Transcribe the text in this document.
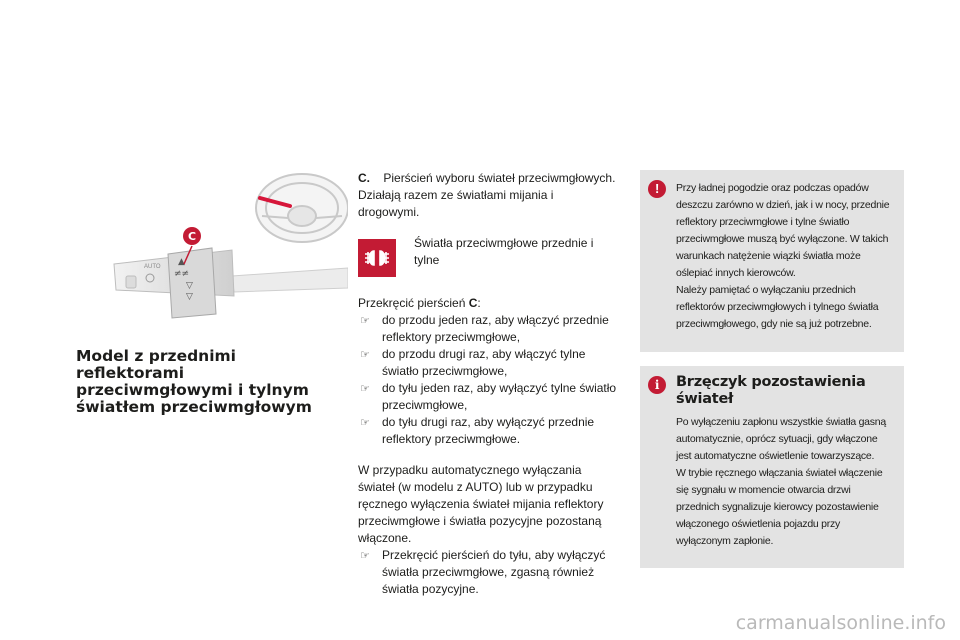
AUTO ▲
≠≠
▽
▽
C
Model z przednimi reflektorami przeciwmgłowymi i tylnym światłem przeciwmgłowym

C. Pierścień wyboru świateł przeciwmgłowych.

Działają razem ze światłami mijania i drogowymi.

Światła przeciwmgłowe przednie i tylne

Przekręcić pierścień C:

☞ do przodu jeden raz, aby włączyć przednie reflektory przeciwmgłowe,
☞ do przodu drugi raz, aby włączyć tylne światło przeciwmgłowe,
☞ do tyłu jeden raz, aby wyłączyć tylne światło przeciwmgłowe,
☞ do tyłu drugi raz, aby wyłączyć przednie reflektory przeciwmgłowe.

W przypadku automatycznego wyłączania świateł (w modelu z AUTO) lub w przypadku ręcznego wyłączenia świateł mijania reflektory przeciwmgłowe i światła pozycyjne pozostaną włączone.

☞ Przekręcić pierścień do tyłu, aby wyłączyć światła przeciwmgłowe, zgasną również światła pozycyjne.
!	Przy ładnej pogodzie oraz podczas opadów deszczu zarówno w dzień, jak i w nocy, przednie reflektory przeciwmgłowe i tylne światło przeciwmgłowe muszą być wyłączone. W takich warunkach natężenie wiązki światła może oślepiać innych kierowców.

Należy pamiętać o wyłączaniu przednich reflektorów przeciwmgłowych i tylnego światła przeciwmgłowego, gdy nie są już potrzebne.

i	Brzęczyk pozostawienia świateł

Po wyłączeniu zapłonu wszystkie światła gasną automatycznie, oprócz sytuacji, gdy włączone jest automatyczne oświetlenie towarzyszące.

W trybie ręcznego włączania świateł włączenie się sygnału w momencie otwarcia drzwi przednich sygnalizuje kierowcy pozostawienie włączonego oświetlenia pojazdu przy wyłączonym zapłonie.

carmanualsonline.info
